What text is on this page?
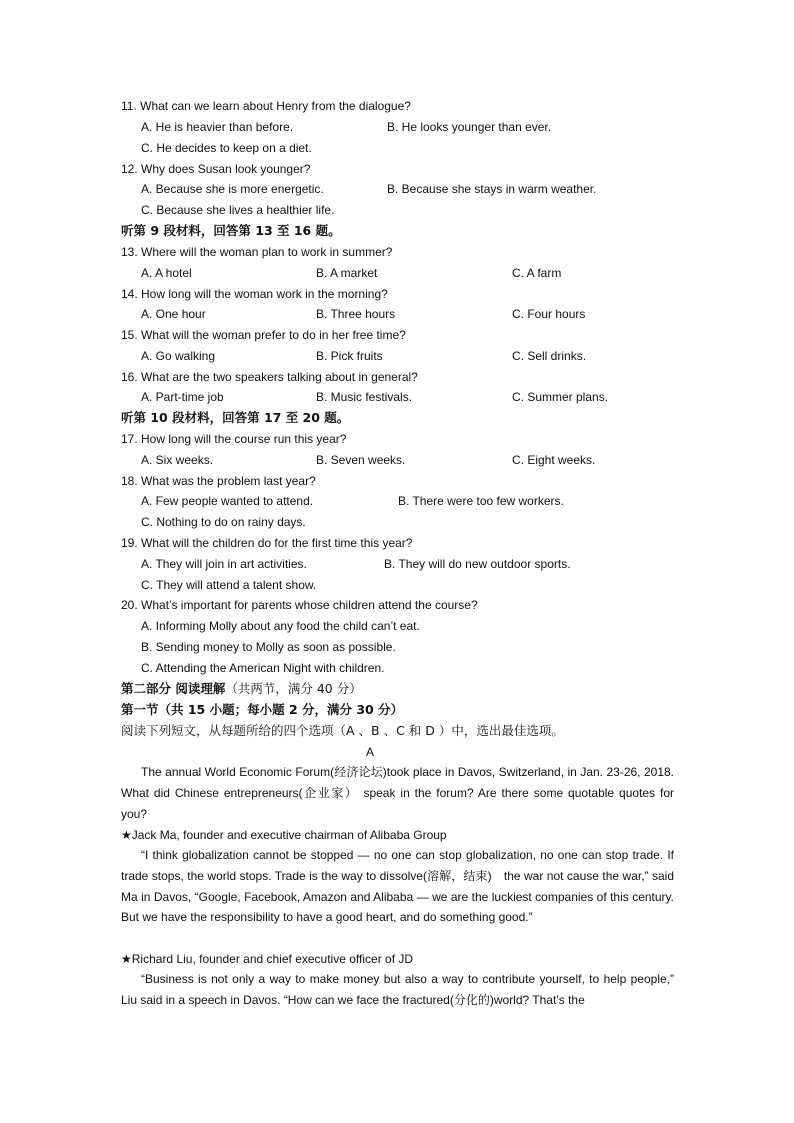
11. What can we learn about Henry from the dialogue?
A. He is heavier than before.	B. He looks younger than ever.
C. He decides to keep on a diet.
12. Why does Susan look younger?
A. Because she is more energetic.	B. Because she stays in warm weather.
C. Because she lives a healthier life.
听第 9 段材料，回答第 13 至 16 题。
13. Where will the woman plan to work in summer?
A. A hotel	B. A market	C. A farm
14. How long will the woman work in the morning?
A. One hour	B. Three hours	C. Four hours
15. What will the woman prefer to do in her free time?
A. Go walking	B. Pick fruits	C. Sell drinks.
16. What are the two speakers talking about in general?
A. Part-time job	B. Music festivals.	C. Summer plans.
听第 10 段材料，回答第 17 至 20 题。
17. How long will the course run this year?
A. Six weeks.	B. Seven weeks.	C. Eight weeks.
18. What was the problem last year?
A. Few people wanted to attend.	B. There were too few workers.
C. Nothing to do on rainy days.
19. What will the children do for the first time this year?
A. They will join in art activities.	B. They will do new outdoor sports.
C. They will attend a talent show.
20. What’s important for parents whose children attend the course?
A. Informing Molly about any food the child can’t eat.
B. Sending money to Molly as soon as possible.
C. Attending the American Night with children.
第二部分 阅读理解（共两节，满分 40 分）
第一节（共 15 小题；每小题 2 分，满分 30 分）
阅读下列短文，从每题所给的四个选项（A 、B 、C 和 D ）中，选出最佳选项。
A
The annual World Economic Forum(经济论坛)took place in Davos, Switzerland, in Jan. 23-26, 2018. What did Chinese entrepreneurs(企业家） speak in the forum? Are there some quotable quotes for you?
★Jack Ma, founder and executive chairman of Alibaba Group
“I think globalization cannot be stopped — no one can stop globalization, no one can stop trade. If trade stops, the world stops. Trade is the way to dissolve(溶解，结束)　the war not cause the war,” said Ma in Davos, “Google, Facebook, Amazon and Alibaba — we are the luckiest companies of this century. But we have the responsibility to have a good heart, and do something good.”
★Richard Liu, founder and chief executive officer of JD
“Business is not only a way to make money but also a way to contribute yourself, to help people,” Liu said in a speech in Davos. “How can we face the fractured(分化的)world? That’s the
